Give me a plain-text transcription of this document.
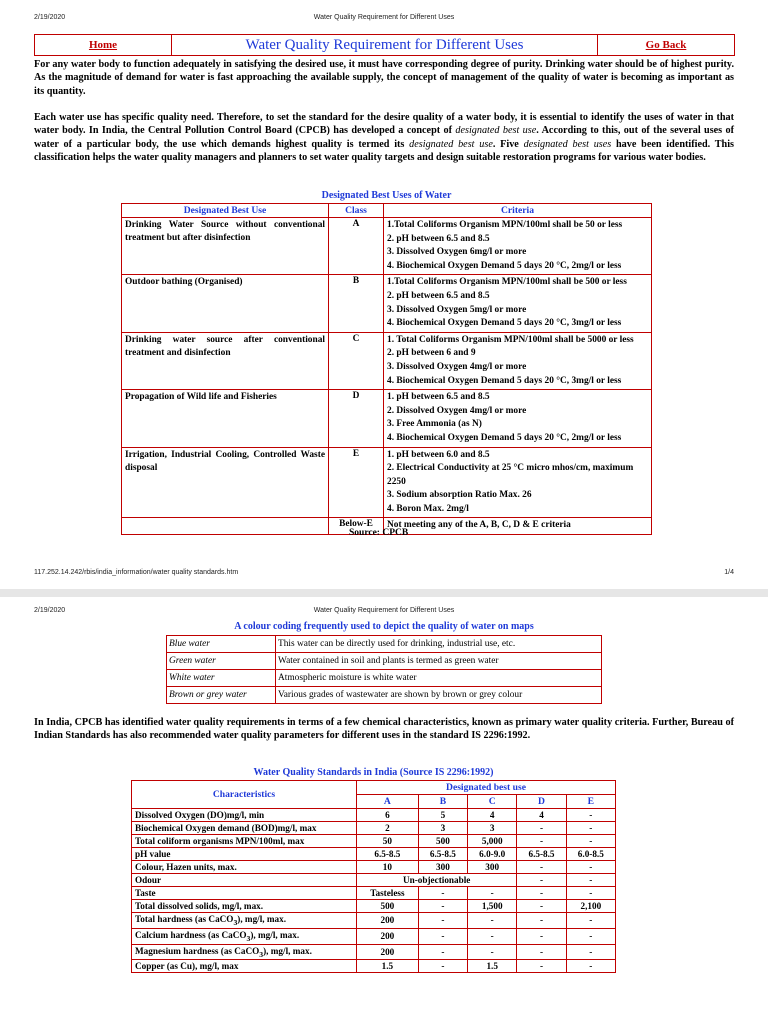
2/19/2020	Water Quality Requirement for Different Uses
Home	Water Quality Requirement for Different Uses	Go Back

For any water body to function adequately in satisfying the desired use, it must have corresponding degree of purity. Drinking water should be of highest purity. As the magnitude of demand for water is fast approaching the available supply, the concept of management of the quality of water is becoming as important as its quantity.

Each water use has specific quality need. Therefore, to set the standard for the desire quality of a water body, it is essential to identify the uses of water in that water body. In India, the Central Pollution Control Board (CPCB) has developed a concept of designated best use. According to this, out of the several uses of water of a particular body, the use which demands highest quality is termed its designated best use. Five designated best uses have been identified. This classification helps the water quality managers and planners to set water quality targets and design suitable restoration programs for various water bodies.

Designated Best Uses of Water
Designated Best Use	Class	Criteria
Drinking Water Source without conventional treatment but after disinfection	A	1.Total Coliforms Organism MPN/100ml shall be 50 or less
2. pH between 6.5 and 8.5
3. Dissolved Oxygen 6mg/l or more
4. Biochemical Oxygen Demand 5 days 20 °C, 2mg/l or less

Outdoor bathing (Organised)	B	1.Total Coliforms Organism MPN/100ml shall be 500 or less
2. pH between 6.5 and 8.5
3. Dissolved Oxygen 5mg/l or more
4. Biochemical Oxygen Demand 5 days 20 °C, 3mg/l or less

Drinking water source after conventional treatment and disinfection	C	1. Total Coliforms Organism MPN/100ml shall be 5000 or less
2. pH between 6 and 9
3. Dissolved Oxygen 4mg/l or more
4. Biochemical Oxygen Demand 5 days 20 °C, 3mg/l or less

Propagation of Wild life and Fisheries	D	1. pH between 6.5 and 8.5
2. Dissolved Oxygen 4mg/l or more
3. Free Ammonia (as N)
4. Biochemical Oxygen Demand 5 days 20 °C, 2mg/l or less

Irrigation, Industrial Cooling, Controlled Waste disposal	E	1. pH between 6.0 and 8.5
2. Electrical Conductivity at 25 °C micro mhos/cm, maximum 2250
3. Sodium absorption Ratio Max. 26
4. Boron Max. 2mg/l

	Below-E	Not meeting any of the A, B, C, D & E criteria
Source: CPCB
117.252.14.242/rbis/india_information/water quality standards.htm	1/4
2/19/2020	Water Quality Requirement for Different Uses
A colour coding frequently used to depict the quality of water on maps
Blue water	This water can be directly used for drinking, industrial use, etc.
Green water	Water contained in soil and plants is termed as green water
White water	Atmospheric moisture is white water
Brown or grey water	Various grades of wastewater are shown by brown or grey colour

In India, CPCB has identified water quality requirements in terms of a few chemical characteristics, known as primary water quality criteria. Further, Bureau of Indian Standards has also recommended water quality parameters for different uses in the standard IS 2296:1992.

Water Quality Standards in India (Source IS 2296:1992)
Characteristics	Designated best use				
	A	B	C	D	E
Dissolved Oxygen (DO)mg/l, min	6	5	4	4	-
Biochemical Oxygen demand (BOD)mg/l, max	2	3	3	-	-
Total coliform organisms MPN/100ml, max	50	500	5,000	-	-
pH value	6.5-8.5	6.5-8.5	6.0-9.0	6.5-8.5	6.0-8.5
Colour, Hazen units, max.	10	300	300	-	-
Odour	Un-objectionable			-	-
Taste	Tasteless	-	-	-	-
Total dissolved solids, mg/l, max.	500	-	1,500	-	2,100
Total hardness (as CaCO$_3$), mg/l, max.	200	-	-	-	-
Calcium hardness (as CaCO$_3$), mg/l, max.	200	-	-	-	-
Magnesium hardness (as CaCO$_3$), mg/l, max.	200	-	-	-	-
Copper (as Cu), mg/l, max	1.5	-	1.5	-	-
